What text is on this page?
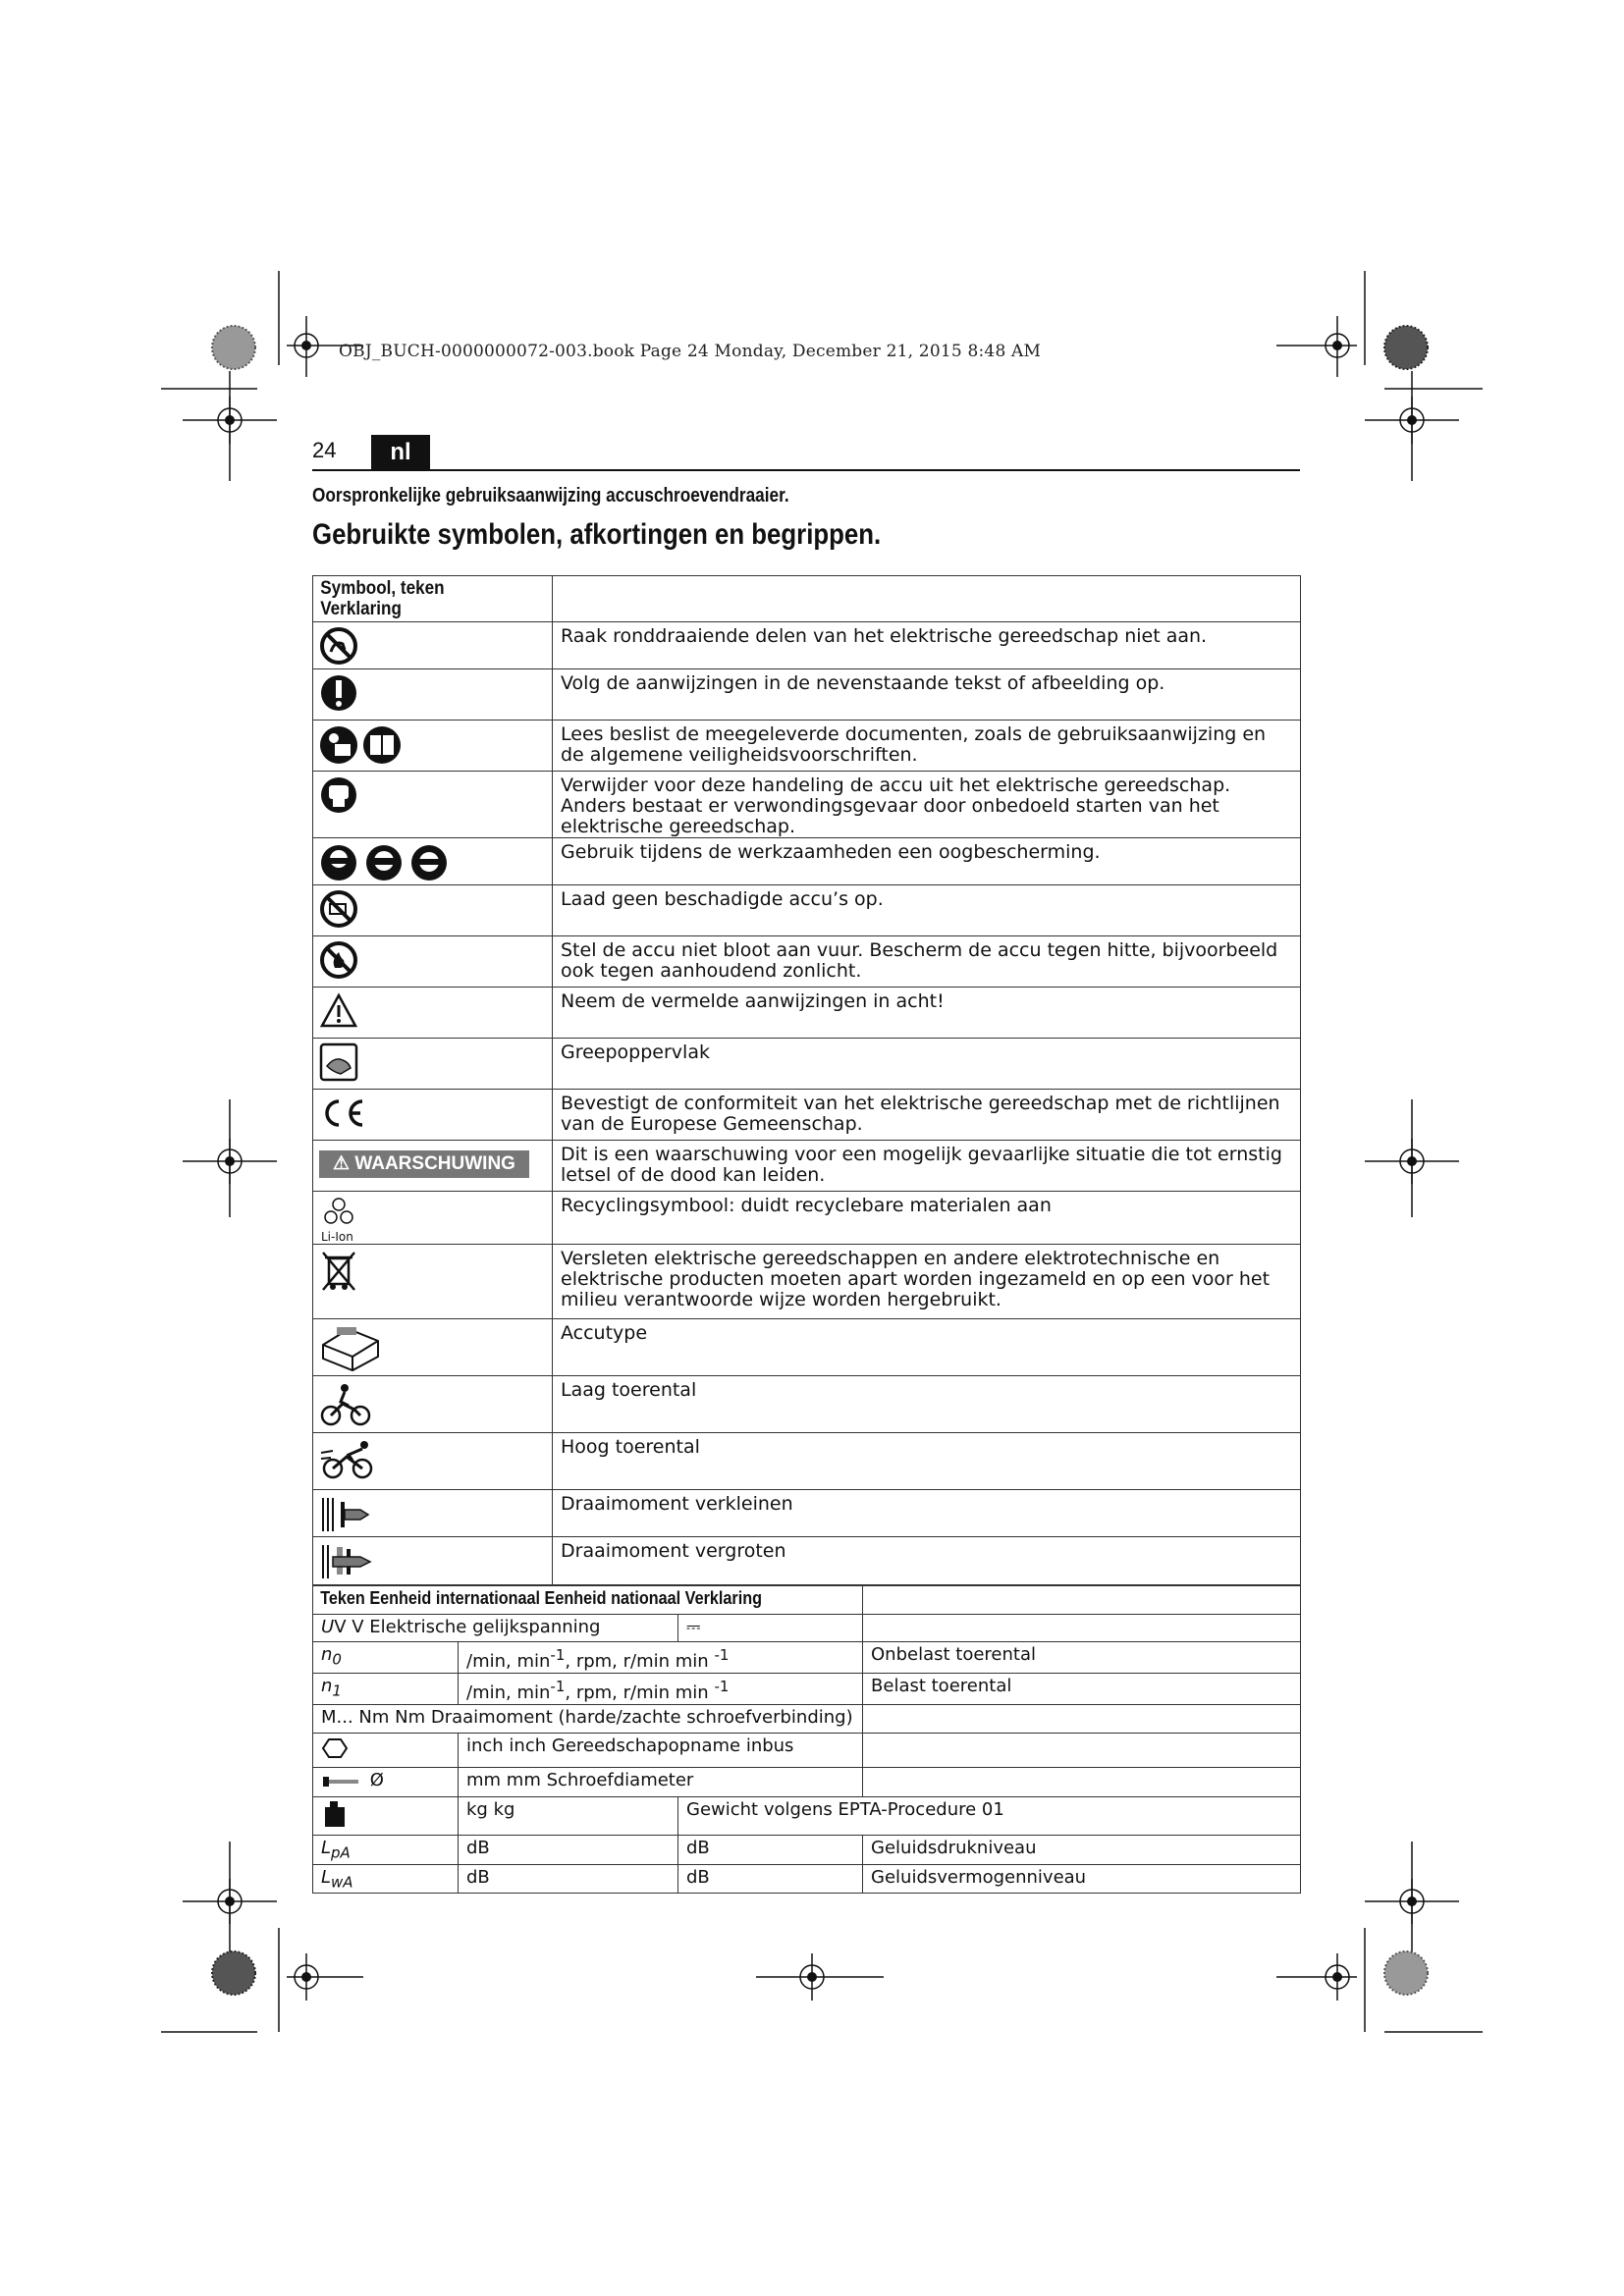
OBJ_BUCH-0000000072-003.book Page 24 Monday, December 21, 2015 8:48 AM
24	nl
Oorspronkelijke gebruiksaanwijzing accuschroevendraaier.
Gebruikte symbolen, afkortingen en begrippen.
Symbool, teken Verklaring	

	Raak ronddraaiende delen van het elektrische gereedschap niet aan.

	Volg de aanwijzingen in de nevenstaande tekst of afbeelding op.

	Lees beslist de meegeleverde documenten, zoals de gebruiksaanwijzing en de algemene veiligheidsvoorschriften.

	Verwijder voor deze handeling de accu uit het elektrische gereedschap. Anders bestaat er verwondingsgevaar door onbedoeld starten van het elektrische gereedschap.

	Gebruik tijdens de werkzaamheden een oogbescherming.

	Laad geen beschadigde accu’s op.

	Stel de accu niet bloot aan vuur. Bescherm de accu tegen hitte, bijvoorbeeld ook tegen aanhoudend zonlicht.

	Neem de vermelde aanwijzingen in acht!

	Greepoppervlak

	Bevestigt de conformiteit van het elektrische gereedschap met de richtlijnen van de Europese Gemeenschap.

⚠ WAARSCHUWING	Dit is een waarschuwing voor een mogelijk gevaarlijke situatie die tot ernstig letsel of de dood kan leiden.

Li-Ion	Recyclingsymbool: duidt recyclebare materialen aan

	Versleten elektrische gereedschappen en andere elektrotechnische en elektrische producten moeten apart worden ingezameld en op een voor het milieu verantwoorde wijze worden hergebruikt.

	Accutype

	Laag toerental

	Hoog toerental

	Draaimoment verkleinen

	Draaimoment vergroten
Teken Eenheid internationaal Eenheid nationaal Verklaring			
UV V Elektrische gelijkspanning		⎓	
$n_0$	/min, $\min^{-1}$, rpm, r/min min $^{-1}$		Onbelast toerental
$n_1$	/min, $\min^{-1}$, rpm, r/min min $^{-1}$		Belast toerental
M... Nm Nm Draaimoment (harde/zachte schroefverbinding)			
	inch inch Gereedschapopname inbus		
Ø	mm mm Schroefdiameter		
	kg kg	Gewicht volgens EPTA-Procedure 01	
$L_{pA}$	dB	dB	Geluidsdrukniveau
$L_{wA}$	dB	dB	Geluidsvermogenniveau
